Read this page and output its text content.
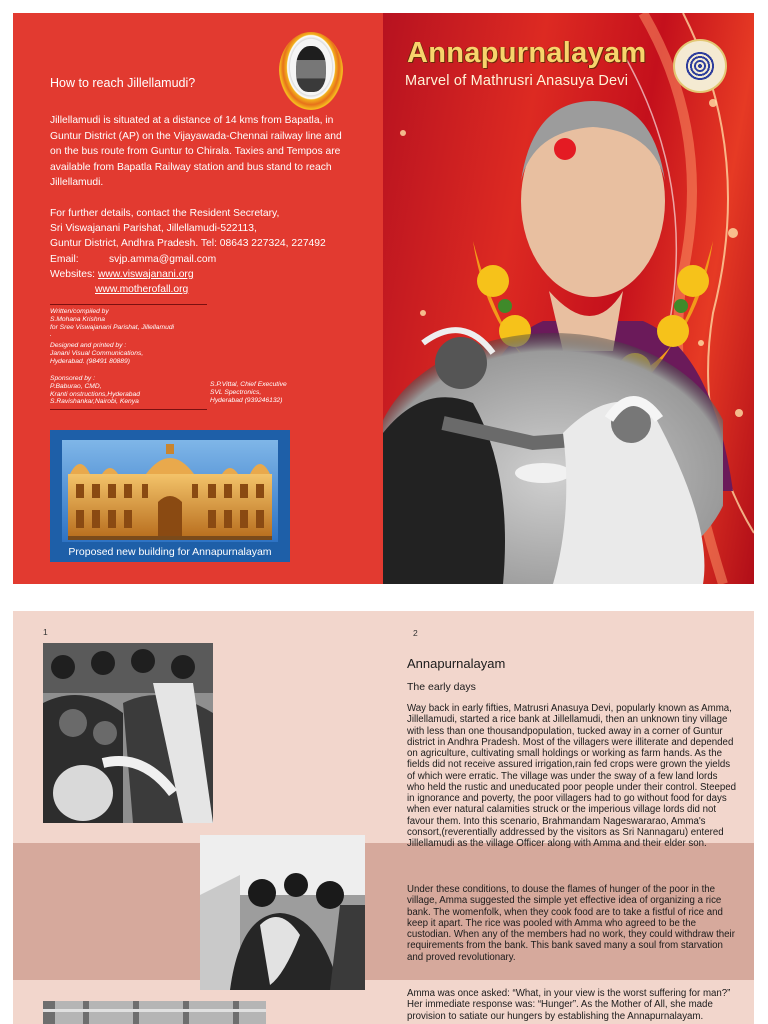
How to reach Jillellamudi?
Jillellamudi is situated at a distance of 14 kms from Bapatla, in Guntur District (AP) on the Vijayawada-Chennai railway line and on the bus route from Guntur to Chirala. Taxies and Tempos are available from Bapatla Railway station and bus stand to reach Jillellamudi.
For further details, contact the Resident Secretary,
Sri Viswajanani Parishat, Jillellamudi-522113,
Guntur District, Andhra Pradesh. Tel: 08643 227324, 227492
Email:	svjp.amma@gmail.com
Websites: www.viswajanani.org
www.motherofall.org
Written/compiled by
S.Mohana Krishna
for Sree Viswajanani Parishat, Jillellamudi
.
Designed and printed by :
Janani Visual Communications,
Hyderabad. (98491 80889)
Sponsored by :
P.Baburao, CMD,
Kranti onstructions,Hyderabad
S.Ravishankar,Nairobi, Kenya
S.P.Vittal, Chief Executive
SVL Spectronics,
Hyderabad (939246132)
Proposed new building for Annapurnalayam
Annapurnalayam
Marvel of Mathrusri Anasuya Devi
1	2
Annapurnalayam
The early days

Way back in early fifties, Matrusri Anasuya Devi, popularly known as Amma, Jillellamudi, started a rice bank at Jillellamudi, then an unknown tiny village with less than one thousandpopulation, tucked away in a corner of Guntur district in Andhra Pradesh. Most of the villagers were illiterate and depended on agriculture, cultivating small holdings or working as farm hands. As the fields did not receive assured irrigation,rain fed crops were grown the yields of which were erratic. The village was under the sway of a few land lords who held the rustic and uneducated poor people under their control. Steeped in ignorance and poverty, the poor villagers had to go without food for days when ever natural calamities struck or the imperious village lords did not favour them. Into this scenario, Brahmandam Nageswararao, Amma's consort,(reverentially addressed by the visitors as Sri Nannagaru) entered Jillellamudi as the village Officer along with Amma and their elder son.

Under these conditions, to douse the flames of hunger of the poor in the village, Amma suggested the simple yet effective idea of organizing a rice bank. The womenfolk, when they cook food are to take a fistful of rice and keep it apart. The rice was pooled with Amma who agreed to be the custodian. When any of the members had no work, they could withdraw their requirements from the bank. This bank saved many a soul from starvation and proved revolutionary.

Amma was once asked: “What, in your view is the worst suffering for man?” Her immediate response was: “Hunger”. As the Mother of All, she made provision to satiate our hungers by establishing the Annapurnalayam.
